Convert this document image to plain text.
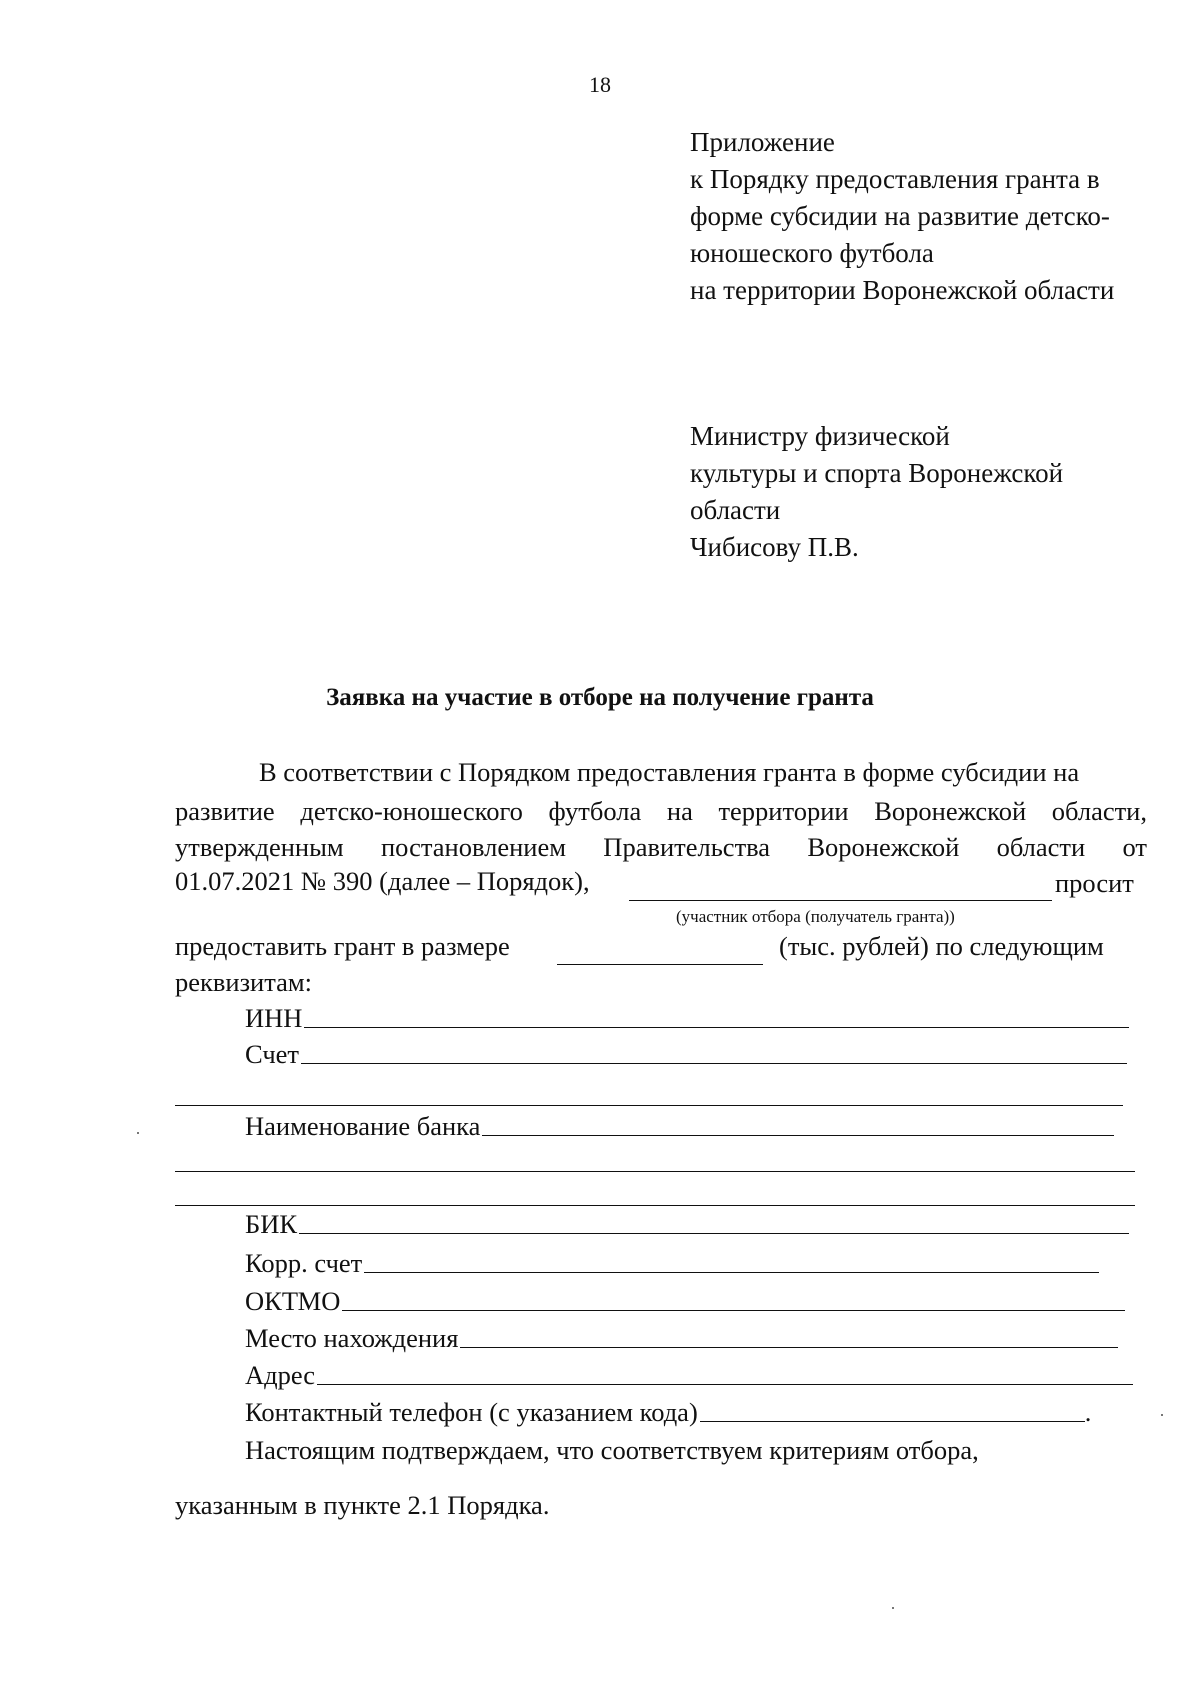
18
Приложение
к Порядку предоставления гранта в
форме субсидии на развитие детско-
юношеского футбола
на территории Воронежской области
Министру физической
культуры и спорта Воронежской
области
Чибисову П.В.
Заявка на участие в отборе на получение гранта
В соответствии с Порядком предоставления гранта в форме субсидии на
развитие детско-юношеского футбола на территории Воронежской области,
утвержденным постановлением Правительства Воронежской области от
01.07.2021 № 390 (далее – Порядок),	просит
(участник отбора (получатель гранта))
предоставить грант в размере	(тыс. рублей) по следующим
реквизитам:
ИНН
Счет
Наименование банка
БИК
Корр. счет
ОКТМО
Место нахождения
Адрес
Контактный телефон (с указанием кода)	.
Настоящим подтверждаем, что соответствуем критериям отбора,
указанным в пункте 2.1 Порядка.
